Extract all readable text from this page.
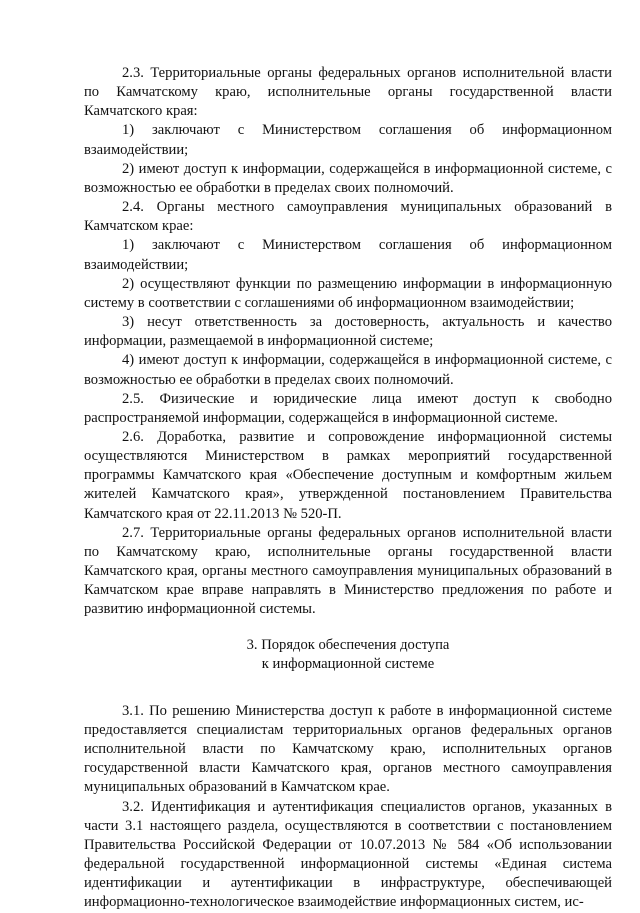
2.3. Территориальные органы федеральных органов исполнительной власти по Камчатскому краю, исполнительные органы государственной власти Камчатского края:

1) заключают с Министерством соглашения об информационном взаимодействии;

2) имеют доступ к информации, содержащейся в информационной системе, с возможностью ее обработки в пределах своих полномочий.

2.4. Органы местного самоуправления муниципальных образований в Камчатском крае:

1) заключают с Министерством соглашения об информационном взаимодействии;

2) осуществляют функции по размещению информации в информационную систему в соответствии с соглашениями об информационном взаимодействии;

3) несут ответственность за достоверность, актуальность и качество информации, размещаемой в информационной системе;

4) имеют доступ к информации, содержащейся в информационной системе, с возможностью ее обработки в пределах своих полномочий.

2.5. Физические и юридические лица имеют доступ к свободно распространяемой информации, содержащейся в информационной системе.

2.6. Доработка, развитие и сопровождение информационной системы осуществляются Министерством в рамках мероприятий государственной программы Камчатского края «Обеспечение доступным и комфортным жильем жителей Камчатского края», утвержденной постановлением Правительства Камчатского края от 22.11.2013 № 520-П.

2.7. Территориальные органы федеральных органов исполнительной власти по Камчатскому краю, исполнительные органы государственной власти Камчатского края, органы местного самоуправления муниципальных образований в Камчатском крае вправе направлять в Министерство предложения по работе и развитию информационной системы.

3. Порядок обеспечения доступа

к информационной системе

3.1. По решению Министерства доступ к работе в информационной системе предоставляется специалистам территориальных органов федеральных органов исполнительной власти по Камчатскому краю, исполнительных органов государственной власти Камчатского края, органов местного самоуправления муниципальных образований в Камчатском крае.

3.2. Идентификация и аутентификация специалистов органов, указанных в части 3.1 настоящего раздела, осуществляются в соответствии с постановлением Правительства Российской Федерации от 10.07.2013 № 584 «Об использовании федеральной государственной информационной системы «Единая система идентификации и аутентификации в инфраструктуре, обеспечивающей информационно-технологическое взаимодействие информационных систем, ис-
